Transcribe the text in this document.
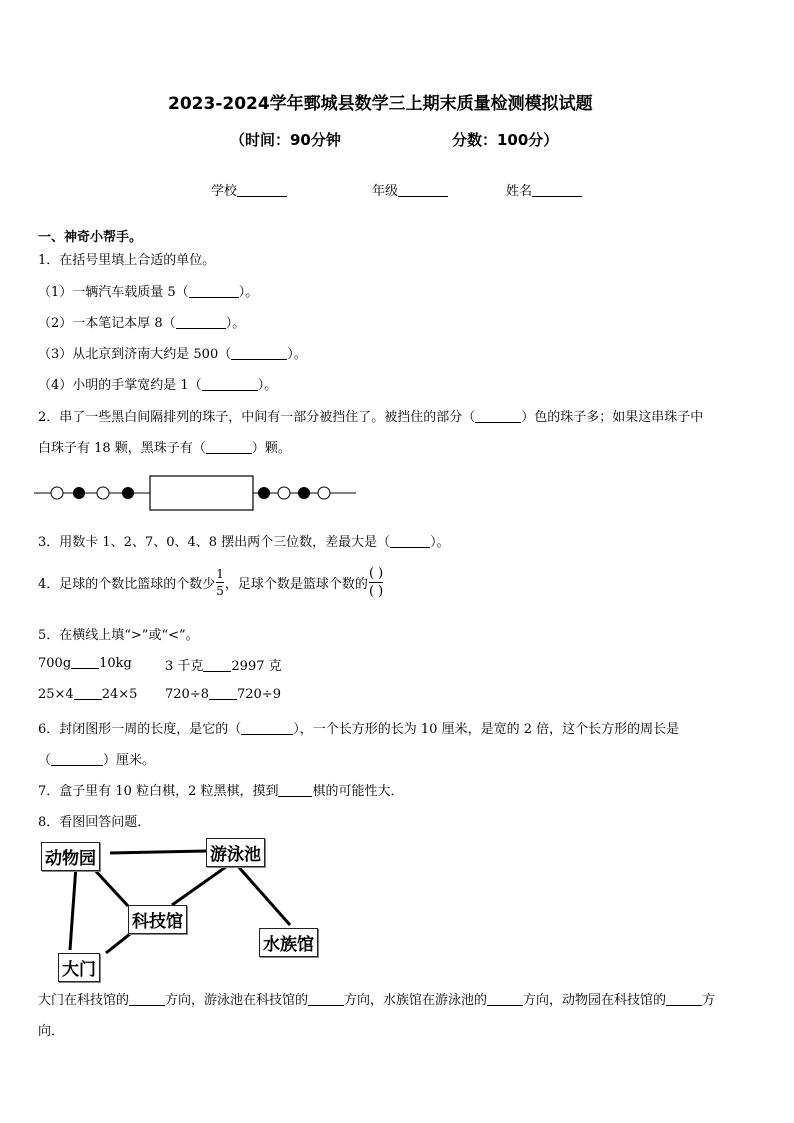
2023-2024学年鄄城县数学三上期末质量检测模拟试题
（时间：90分钟	分数：100分）
学校	年级	姓名
一、神奇小帮手。
1．在括号里填上合适的单位。
（1）一辆汽车载质量 5（	）。
（2）一本笔记本厚 8（	）。
（3）从北京到济南大约是 500（	）。
（4）小明的手掌宽约是 1（	）。
2．串了一些黑白间隔排列的珠子，中间有一部分被挡住了。被挡住的部分（	）色的珠子多；如果这串珠子中
白珠子有 18 颗，黑珠子有（	）颗。
3．用数卡 1、2、7、0、4、8 摆出两个三位数，差最大是（	）。
4．足球的个数比篮球的个数少 $\frac{1}{5}$ ，足球个数是篮球个数的 $\frac{( )}{( )}$
5．在横线上填“>”或“<”。
700g 10kg	3 千克 2997 克
25×4 24×5 720÷8 720÷9
6．封闭图形一周的长度，是它的（	），一个长方形的长为 10 厘米，是宽的 2 倍，这个长方形的周长是
（	）厘米。
7．盒子里有 10 粒白棋，2 粒黑棋，摸到	棋的可能性大．
8．看图回答问题．
动物园	游泳池
科技馆
大门
水族馆
大门在科技馆的	方向，游泳池在科技馆的	方向，水族馆在游泳池的	方向，动物园在科技馆的	方
向．
